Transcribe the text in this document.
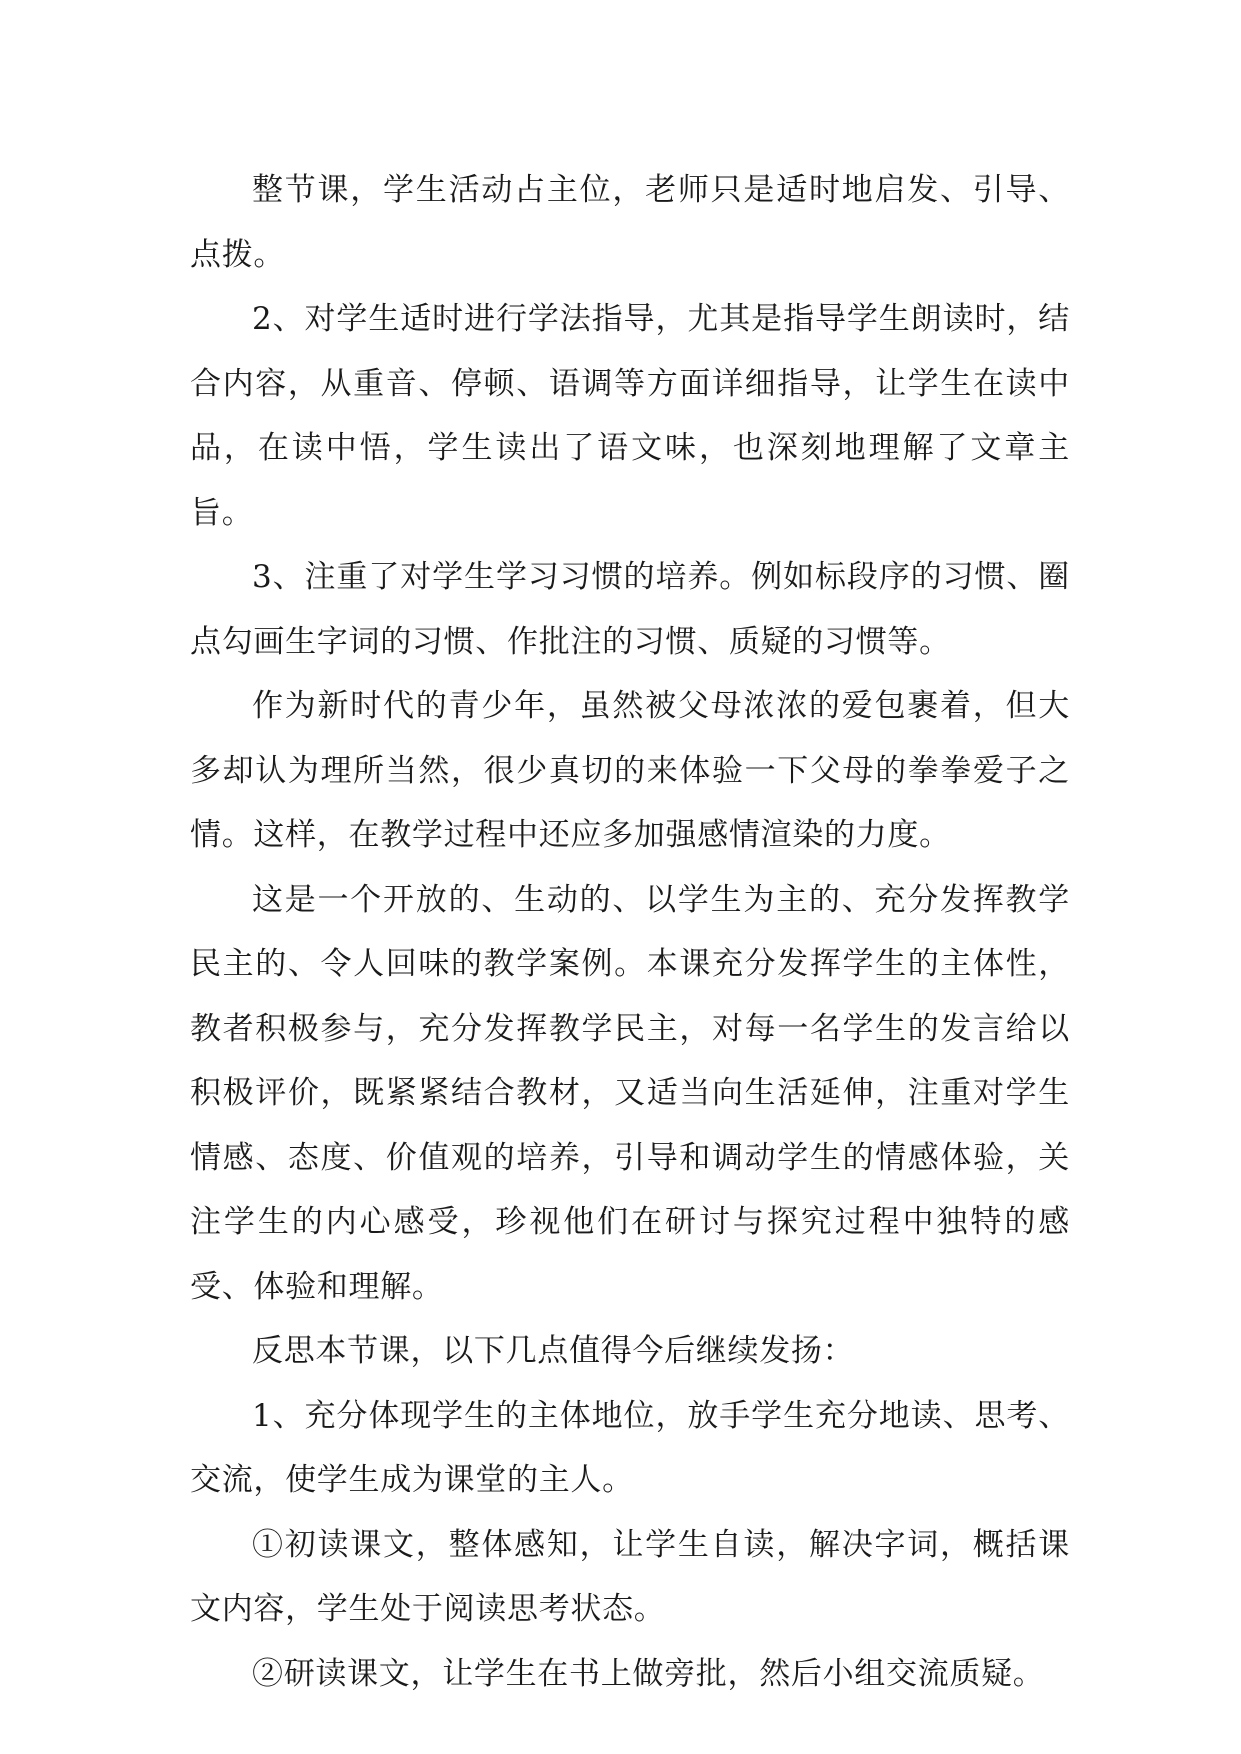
整节课，学生活动占主位，老师只是适时地启发、引导、点拨。

2、对学生适时进行学法指导，尤其是指导学生朗读时，结合内容，从重音、停顿、语调等方面详细指导，让学生在读中品，在读中悟，学生读出了语文味，也深刻地理解了文章主旨。

3、注重了对学生学习习惯的培养。例如标段序的习惯、圈点勾画生字词的习惯、作批注的习惯、质疑的习惯等。

作为新时代的青少年，虽然被父母浓浓的爱包裹着，但大多却认为理所当然，很少真切的来体验一下父母的拳拳爱子之情。这样，在教学过程中还应多加强感情渲染的力度。

这是一个开放的、生动的、以学生为主的、充分发挥教学民主的、令人回味的教学案例。本课充分发挥学生的主体性，教者积极参与，充分发挥教学民主，对每一名学生的发言给以积极评价，既紧紧结合教材，又适当向生活延伸，注重对学生情感、态度、价值观的培养，引导和调动学生的情感体验，关注学生的内心感受，珍视他们在研讨与探究过程中独特的感受、体验和理解。

反思本节课，以下几点值得今后继续发扬：

1、充分体现学生的主体地位，放手学生充分地读、思考、交流，使学生成为课堂的主人。

①初读课文，整体感知，让学生自读，解决字词，概括课文内容，学生处于阅读思考状态。

②研读课文，让学生在书上做旁批，然后小组交流质疑。
